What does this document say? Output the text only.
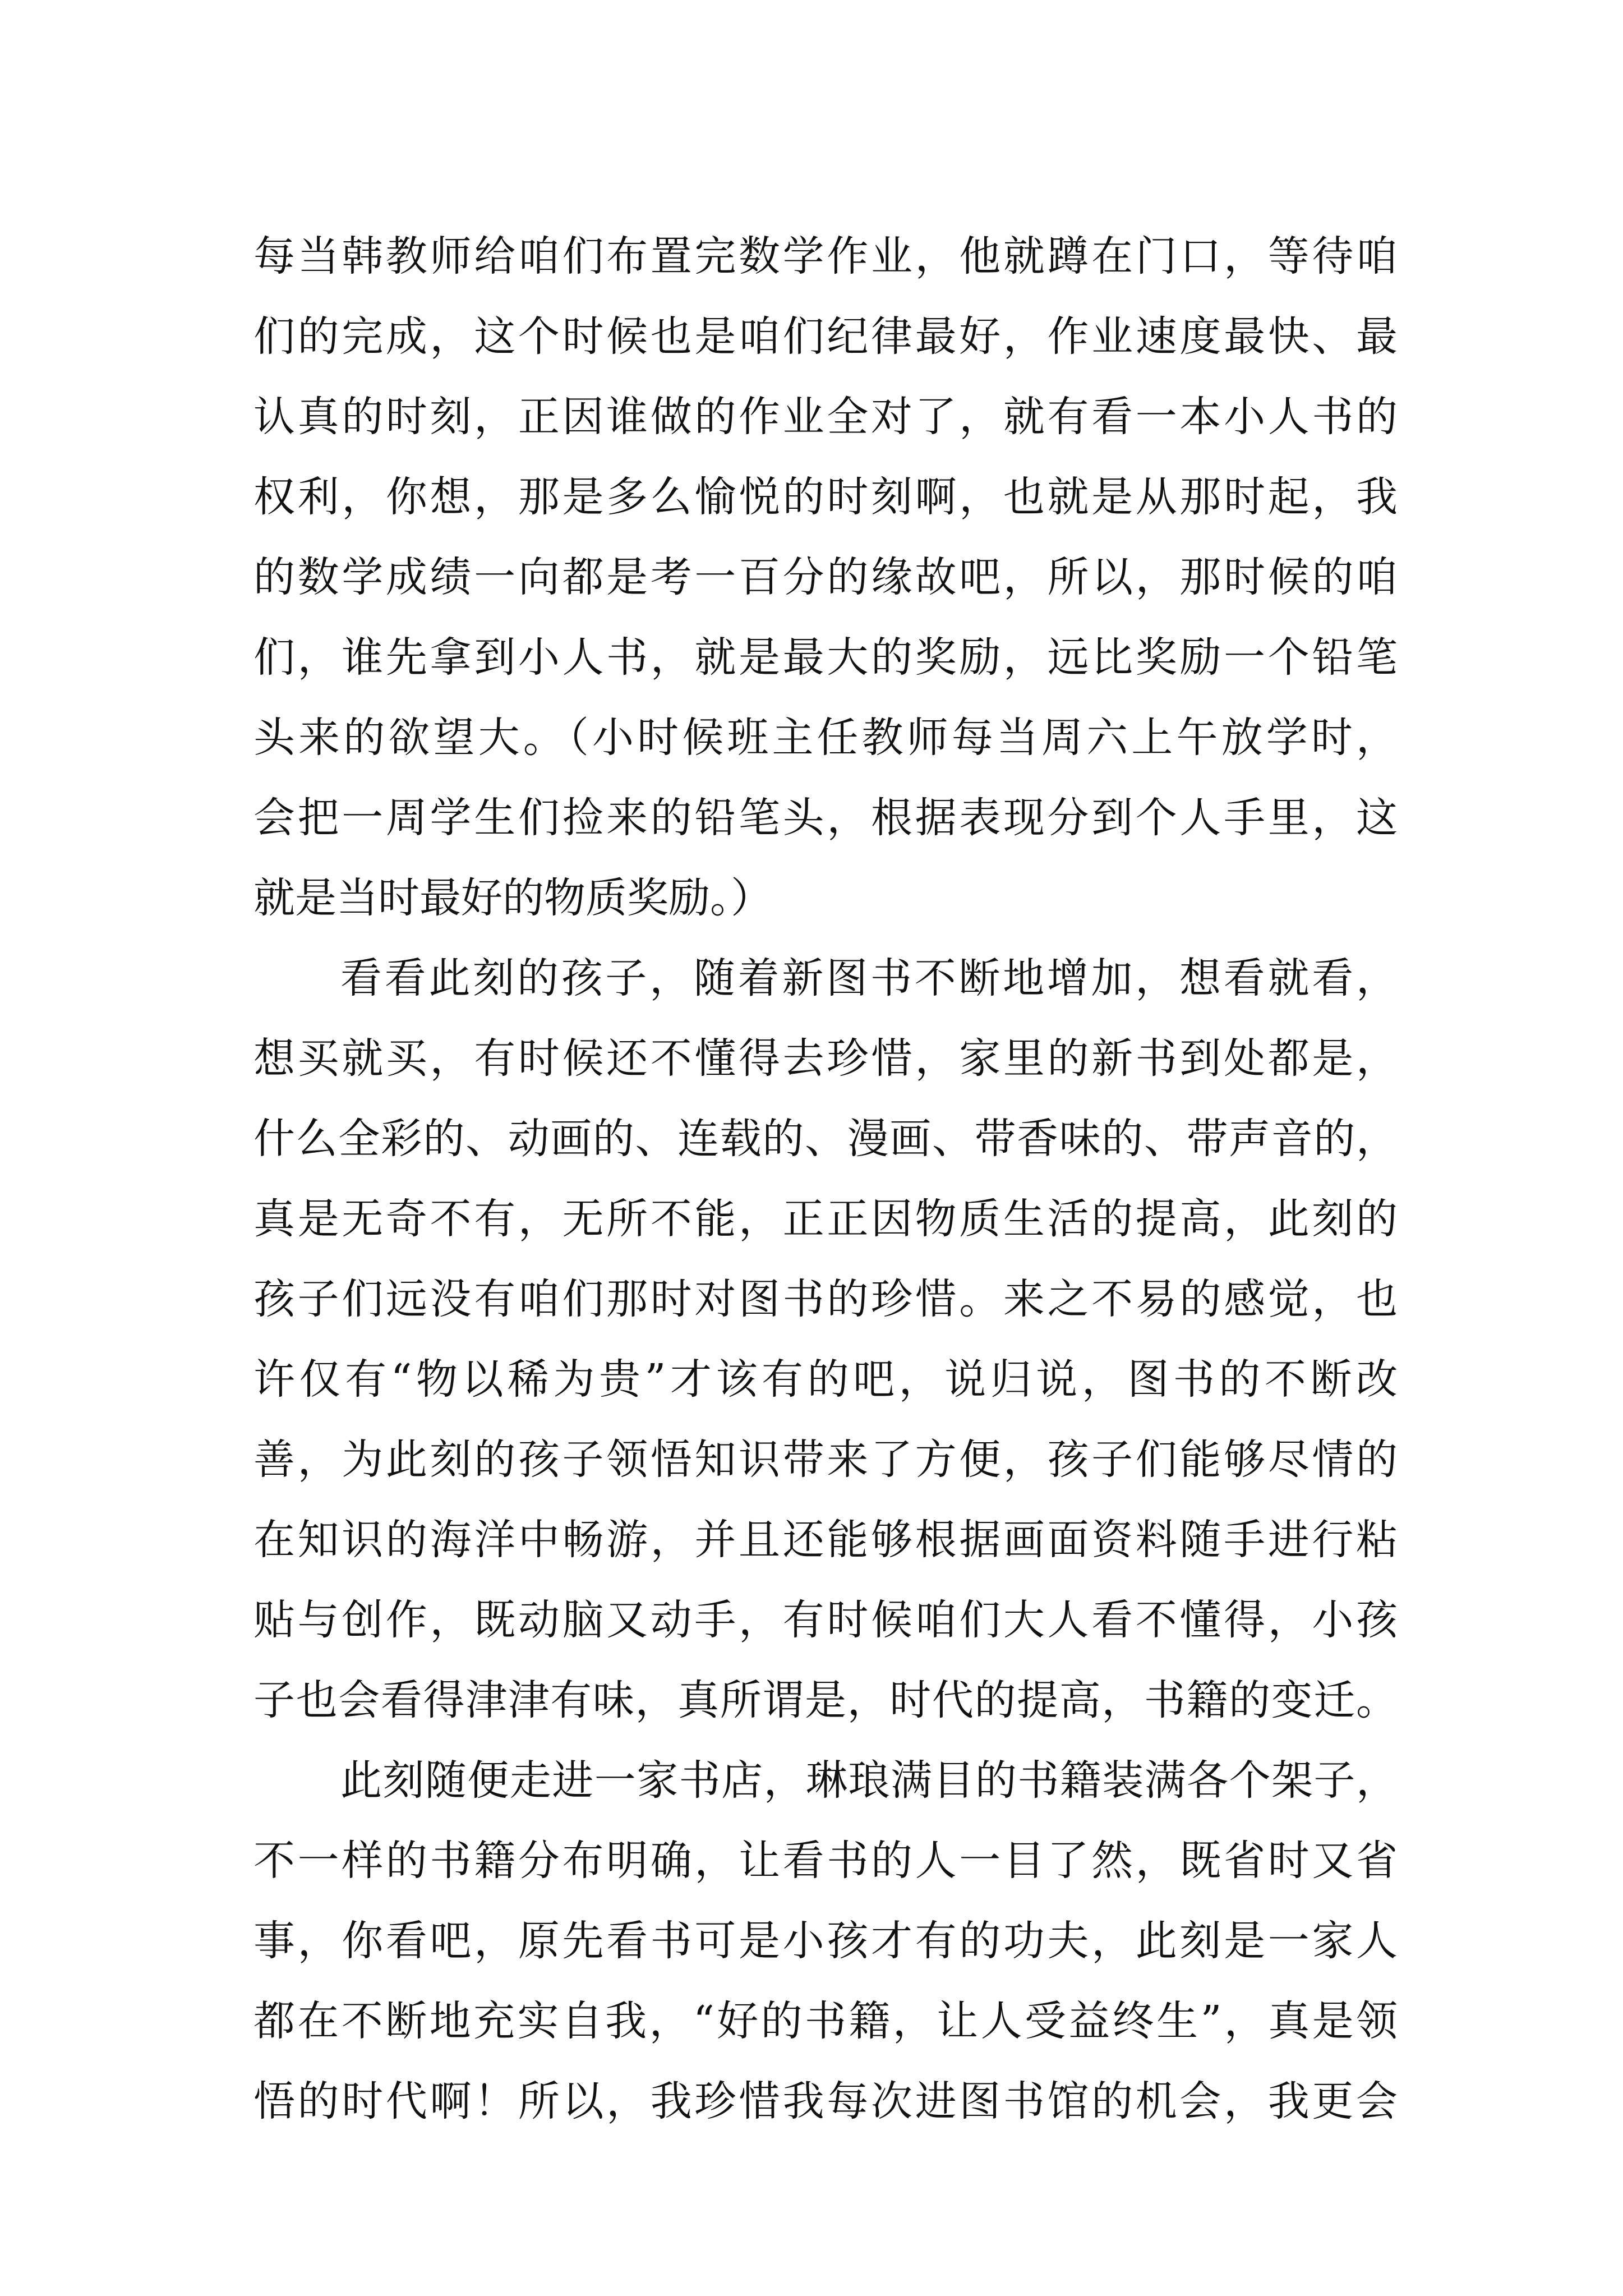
每当韩教师给咱们布置完数学作业，他就蹲在门口，等待咱
们的完成，这个时候也是咱们纪律最好，作业速度最快、最
认真的时刻，正因谁做的作业全对了，就有看一本小人书的
权利，你想，那是多么愉悦的时刻啊，也就是从那时起，我
的数学成绩一向都是考一百分的缘故吧，所以，那时候的咱
们，谁先拿到小人书，就是最大的奖励，远比奖励一个铅笔
头来的欲望大。（小时候班主任教师每当周六上午放学时，
会把一周学生们捡来的铅笔头，根据表现分到个人手里，这
就是当时最好的物质奖励。）
看看此刻的孩子，随着新图书不断地增加，想看就看，
想买就买，有时候还不懂得去珍惜，家里的新书到处都是，
什么全彩的、动画的、连载的、漫画、带香味的、带声音的，
真是无奇不有，无所不能，正正因物质生活的提高，此刻的
孩子们远没有咱们那时对图书的珍惜。来之不易的感觉，也
许仅有“物以稀为贵”才该有的吧，说归说，图书的不断改
善，为此刻的孩子领悟知识带来了方便，孩子们能够尽情的
在知识的海洋中畅游，并且还能够根据画面资料随手进行粘
贴与创作，既动脑又动手，有时候咱们大人看不懂得，小孩
子也会看得津津有味，真所谓是，时代的提高，书籍的变迁。
此刻随便走进一家书店，琳琅满目的书籍装满各个架子，
不一样的书籍分布明确，让看书的人一目了然，既省时又省
事，你看吧，原先看书可是小孩才有的功夫，此刻是一家人
都在不断地充实自我，“好的书籍，让人受益终生”，真是领
悟的时代啊！所以，我珍惜我每次进图书馆的机会，我更会
